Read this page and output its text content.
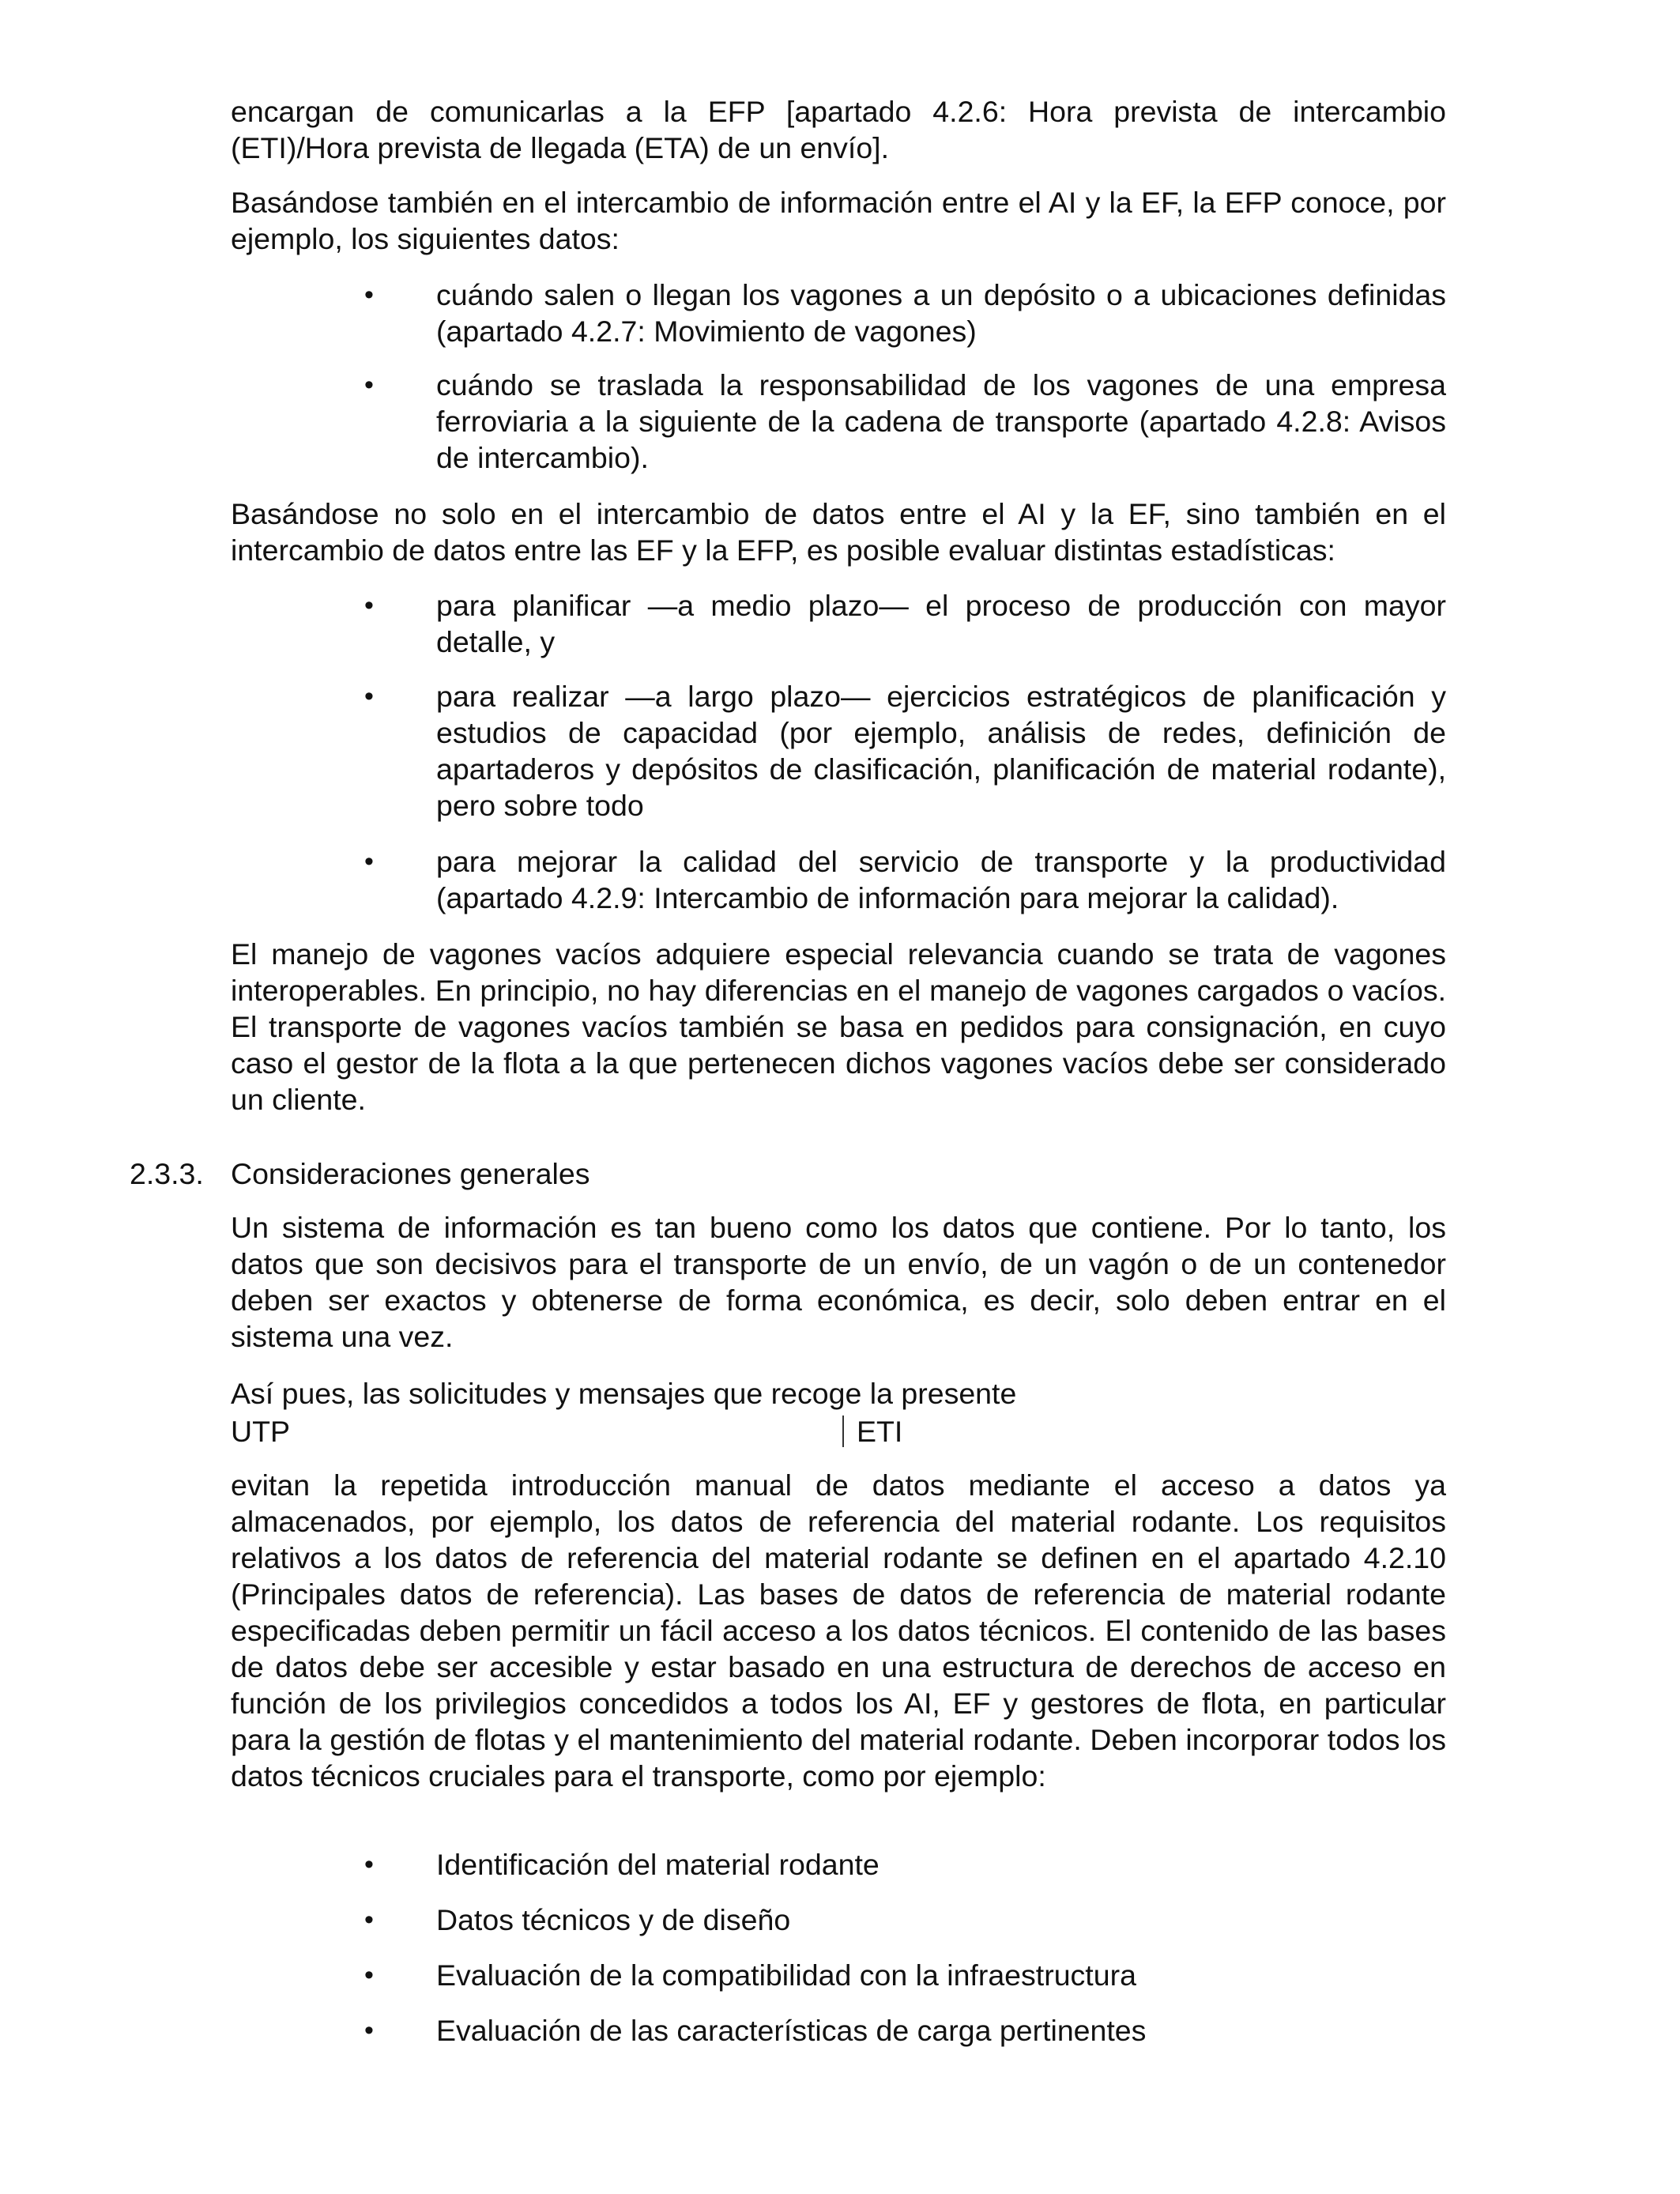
encargan de comunicarlas a la EFP [apartado 4.2.6: Hora prevista de intercambio (ETI)/Hora prevista de llegada (ETA) de un envío].

Basándose también en el intercambio de información entre el AI y la EF, la EFP conoce, por ejemplo, los siguientes datos:

• cuándo salen o llegan los vagones a un depósito o a ubicaciones definidas (apartado 4.2.7: Movimiento de vagones)

• cuándo se traslada la responsabilidad de los vagones de una empresa ferroviaria a la siguiente de la cadena de transporte (apartado 4.2.8: Avisos de intercambio).

Basándose no solo en el intercambio de datos entre el AI y la EF, sino también en el intercambio de datos entre las EF y la EFP, es posible evaluar distintas estadísticas:

• para planificar —a medio plazo— el proceso de producción con mayor detalle, y

• para realizar —a largo plazo— ejercicios estratégicos de planificación y estudios de capacidad (por ejemplo, análisis de redes, definición de apartaderos y depósitos de clasificación, planificación de material rodante), pero sobre todo

• para mejorar la calidad del servicio de transporte y la productividad (apartado 4.2.9: Intercambio de información para mejorar la calidad).

El manejo de vagones vacíos adquiere especial relevancia cuando se trata de vagones interoperables. En principio, no hay diferencias en el manejo de vagones cargados o vacíos. El transporte de vagones vacíos también se basa en pedidos para consignación, en cuyo caso el gestor de la flota a la que pertenecen dichos vagones vacíos debe ser considerado un cliente.

2.3.3. Consideraciones generales

Un sistema de información es tan bueno como los datos que contiene. Por lo tanto, los datos que son decisivos para el transporte de un envío, de un vagón o de un contenedor deben ser exactos y obtenerse de forma económica, es decir, solo deben entrar en el sistema una vez.

Así pues, las solicitudes y mensajes que recoge la presente

UTP	ETI

evitan la repetida introducción manual de datos mediante el acceso a datos ya almacenados, por ejemplo, los datos de referencia del material rodante. Los requisitos relativos a los datos de referencia del material rodante se definen en el apartado 4.2.10 (Principales datos de referencia). Las bases de datos de referencia de material rodante especificadas deben permitir un fácil acceso a los datos técnicos. El contenido de las bases de datos debe ser accesible y estar basado en una estructura de derechos de acceso en función de los privilegios concedidos a todos los AI, EF y gestores de flota, en particular para la gestión de flotas y el mantenimiento del material rodante. Deben incorporar todos los datos técnicos cruciales para el transporte, como por ejemplo:

• Identificación del material rodante

• Datos técnicos y de diseño

• Evaluación de la compatibilidad con la infraestructura

• Evaluación de las características de carga pertinentes
